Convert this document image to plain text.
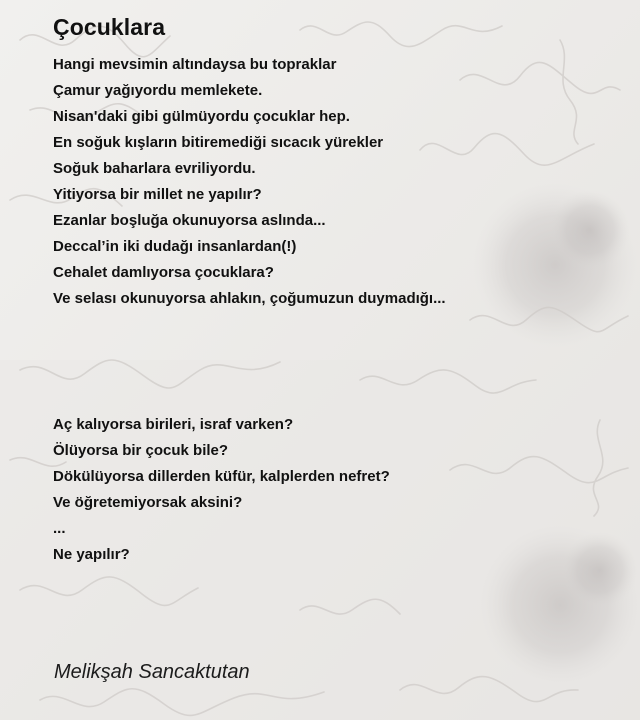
Çocuklara
Hangi mevsimin altındaysa bu topraklar
Çamur yağıyordu memlekete.
Nisan'daki gibi gülmüyordu çocuklar hep.
En soğuk kışların bitiremediği sıcacık yürekler
Soğuk baharlara evriliyordu.
Yitiyorsa bir millet ne yapılır?
Ezanlar boşluğa okunuyorsa aslında...
Deccal’in iki dudağı insanlardan(!)
Cehalet damlıyorsa çocuklara?
Ve selası okunuyorsa ahlakın, çoğumuzun duymadığı...
Aç kalıyorsa birileri, israf varken?
Ölüyorsa bir çocuk bile?
Dökülüyorsa dillerden küfür, kalplerden nefret?
Ve öğretemiyorsak aksini?
...
Ne yapılır?

Melikşah Sancaktutan
